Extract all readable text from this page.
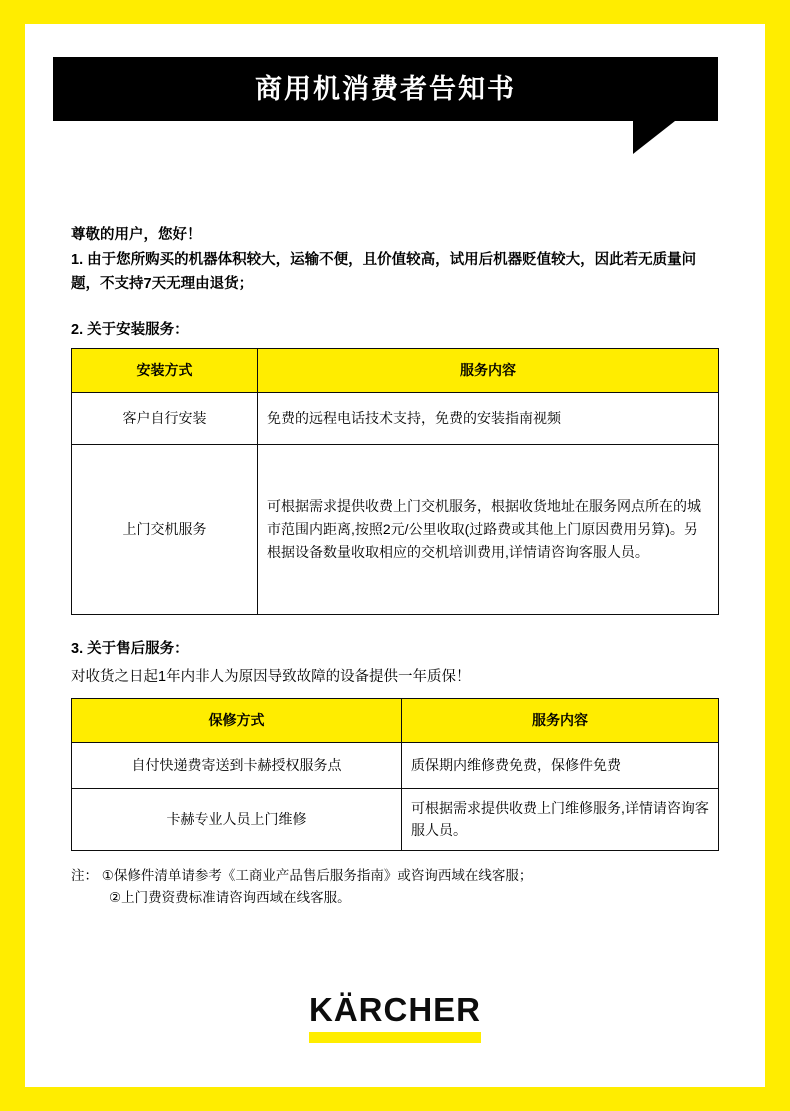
商用机消费者告知书
尊敬的用户，您好！
1. 由于您所购买的机器体积较大，运输不便，且价值较高，试用后机器贬值较大，因此若无质量问题，不支持7天无理由退货；
2. 关于安装服务：
安装方式	服务内容
客户自行安装	免费的远程电话技术支持，免费的安装指南视频
上门交机服务	可根据需求提供收费上门交机服务，根据收货地址在服务网点所在的城市范围内距离,按照2元/公里收取(过路费或其他上门原因费用另算)。另根据设备数量收取相应的交机培训费用,详情请咨询客服人员。
3. 关于售后服务：
对收货之日起1年内非人为原因导致故障的设备提供一年质保！
保修方式	服务内容
自付快递费寄送到卡赫授权服务点	质保期内维修费免费，保修件免费
卡赫专业人员上门维修	可根据需求提供收费上门维修服务,详情请咨询客服人员。
注： ①保修件清单请参考《工商业产品售后服务指南》或咨询西域在线客服；
②上门费资费标准请咨询西域在线客服。
KÄRCHER
